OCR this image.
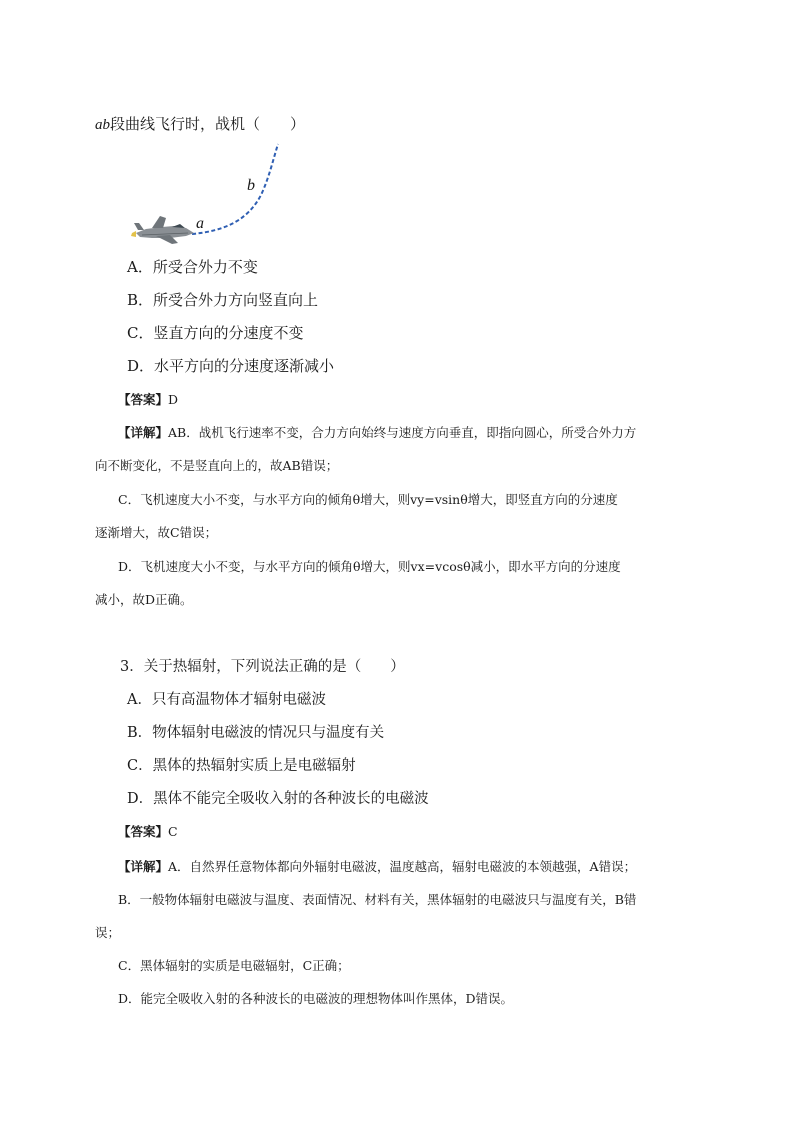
ab段曲线飞行时，战机（　　）
a
b
A．所受合外力不变
B．所受合外力方向竖直向上
C．竖直方向的分速度不变
D．水平方向的分速度逐渐减小
【答案】D
【详解】AB．战机飞行速率不变，合力方向始终与速度方向垂直，即指向圆心，所受合外力方
向不断变化，不是竖直向上的，故AB错误；
C．飞机速度大小不变，与水平方向的倾角θ增大，则vy=vsinθ增大，即竖直方向的分速度
逐渐增大，故C错误；
D．飞机速度大小不变，与水平方向的倾角θ增大，则vx=vcosθ减小，即水平方向的分速度
减小，故D正确。
3．关于热辐射，下列说法正确的是（　　）
A．只有高温物体才辐射电磁波
B．物体辐射电磁波的情况只与温度有关
C．黑体的热辐射实质上是电磁辐射
D．黑体不能完全吸收入射的各种波长的电磁波
【答案】C
【详解】A．自然界任意物体都向外辐射电磁波，温度越高，辐射电磁波的本领越强，A错误；
B．一般物体辐射电磁波与温度、表面情况、材料有关，黑体辐射的电磁波只与温度有关，B错
误；
C．黑体辐射的实质是电磁辐射，C正确；
D．能完全吸收入射的各种波长的电磁波的理想物体叫作黑体，D错误。
